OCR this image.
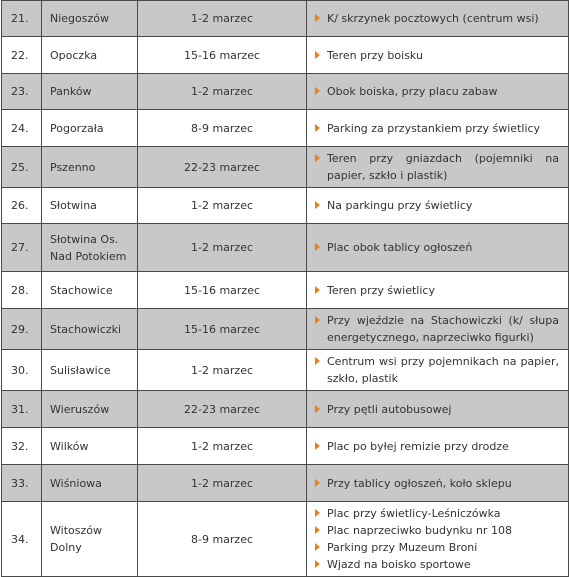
21.	Niegoszów	1-2 marzec	K/ skrzynek pocztowych (centrum wsi)

22.	Opoczka	15-16 marzec	Teren przy boisku

23.	Panków	1-2 marzec	Obok boiska, przy placu zabaw

24.	Pogorzała	8-9 marzec	Parking za przystankiem przy świetlicy

25.	Pszenno	22-23 marzec	Teren przy gniazdach (pojemniki na papier, szkło i plastik)

26.	Słotwina	1-2 marzec	Na parkingu przy świetlicy

27.	Słotwina Os. Nad Potokiem	1-2 marzec	Plac obok tablicy ogłoszeń

28.	Stachowice	15-16 marzec	Teren przy świetlicy

29.	Stachowiczki	15-16 marzec	Przy wjeździe na Stachowiczki (k/ słupa energetycznego, naprzeciwko figurki)

30.	Sulisławice	1-2 marzec	Centrum wsi przy pojemnikach na papier, szkło, plastik

31.	Wieruszów	22-23 marzec	Przy pętli autobusowej

32.	Wilków	1-2 marzec	Plac po byłej remizie przy drodze

33.	Wiśniowa	1-2 marzec	Przy tablicy ogłoszeń, koło sklepu

34.	Witoszów Dolny	8-9 marzec	Plac przy świetlicy-Leśniczówka
Plac naprzeciwko budynku nr 108
Parking przy Muzeum Broni
Wjazd na boisko sportowe
